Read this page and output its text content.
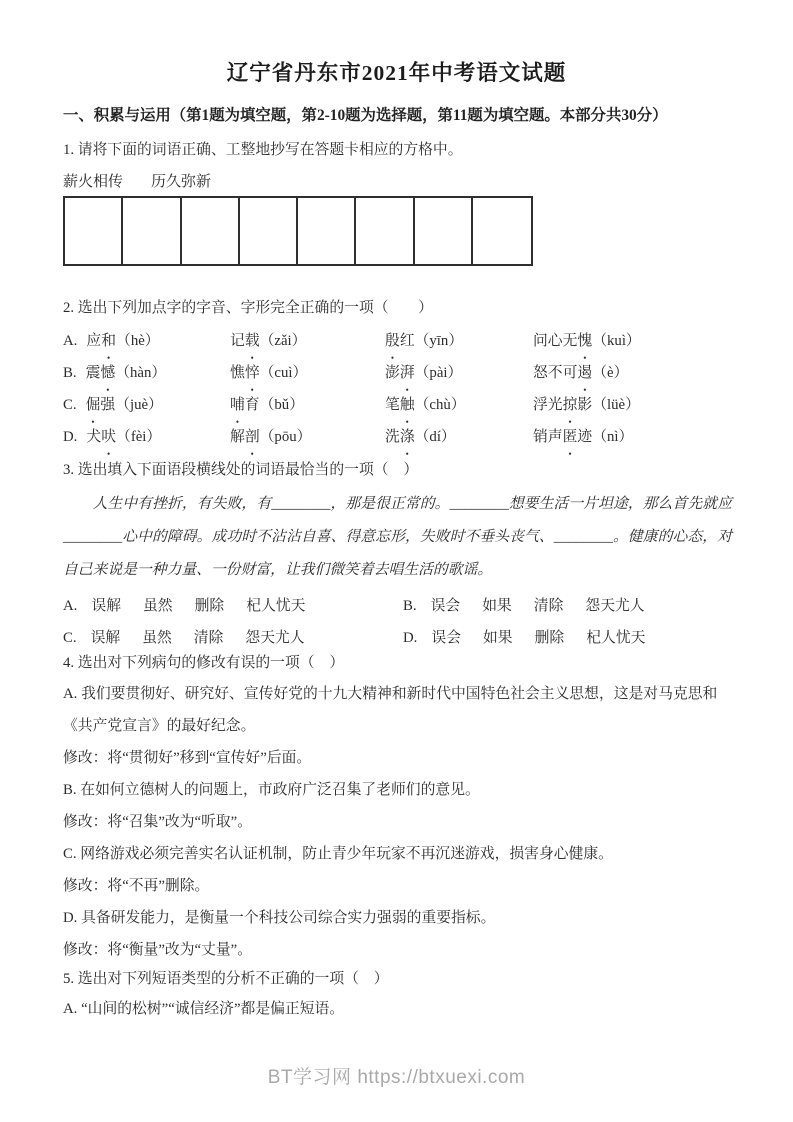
辽宁省丹东市2021年中考语文试题
一、积累与运用（第1题为填空题，第2-10题为选择题，第11题为填空题。本部分共30分）
1. 请将下面的词语正确、工整地抄写在答题卡相应的方格中。
薪火相传 历久弥新
2. 选出下列加点字的字音、字形完全正确的一项（　　）
A. 应和（hè）	记载（zǎi）	殷红（yīn）	问心无愧（kuì）
B. 震憾（hàn）	憔悴（cuì）	澎湃（pài）	怒不可遏（è）
C. 倔强（juè）	哺育（bǔ）	笔触（chù）	浮光掠影（lüè）
D. 犬吠（fèi）	解剖（pōu）	洗涤（dí）	销声匿迹（nì）
3. 选出填入下面语段横线处的词语最恰当的一项（　）
人生中有挫折，有失败，有________，那是很正常的。________想要生活一片坦途，那么首先就应________心中的障碍。成功时不沾沾自喜、得意忘形，失败时不垂头丧气、________。健康的心态，对自己来说是一种力量、一份财富，让我们微笑着去唱生活的歌谣。
A. 误解 虽然 删除 杞人忧天	B. 误会 如果 清除 怨天尤人
C. 误解 虽然 清除 怨天尤人	D. 误会 如果 删除 杞人忧天
4. 选出对下列病句的修改有误的一项（　）
A. 我们要贯彻好、研究好、宣传好党的十九大精神和新时代中国特色社会主义思想，这是对马克思和《共产党宣言》的最好纪念。
修改：将“贯彻好”移到“宣传好”后面。
B. 在如何立德树人的问题上，市政府广泛召集了老师们的意见。
修改：将“召集”改为“听取”。
C. 网络游戏必须完善实名认证机制，防止青少年玩家不再沉迷游戏，损害身心健康。
修改：将“不再”删除。
D. 具备研发能力，是衡量一个科技公司综合实力强弱的重要指标。
修改：将“衡量”改为“丈量”。
5. 选出对下列短语类型的分析不正确的一项（　）
A. “山间的松树”“诚信经济”都是偏正短语。
BT学习网 https://btxuexi.com
